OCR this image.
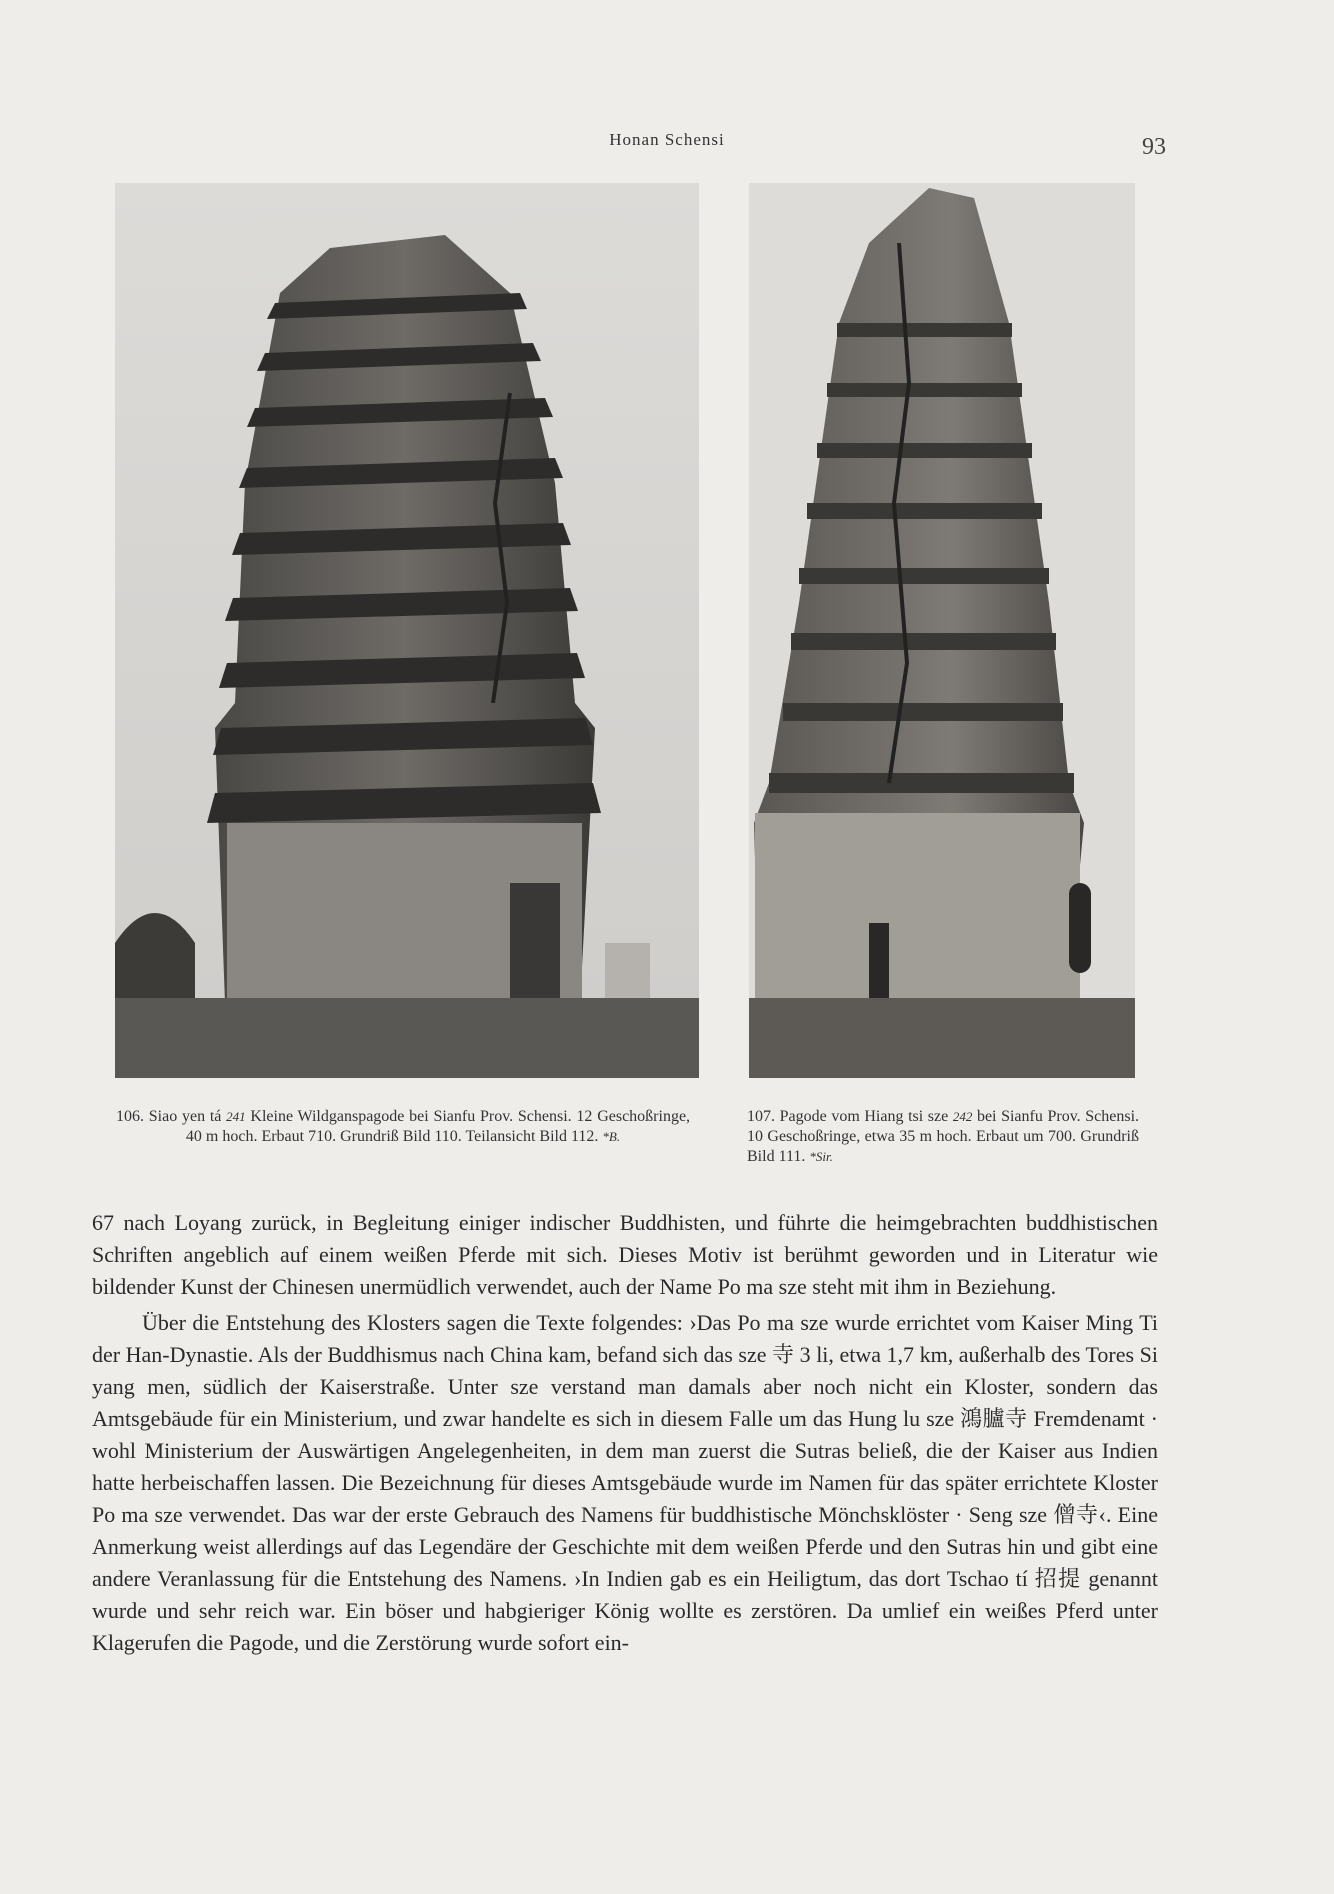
Honan Schensi	93
106. Siao yen tá 241 Kleine Wildganspagode bei Sianfu Prov. Schensi. 12 Geschoßringe, 40 m hoch. Erbaut 710. Grundriß Bild 110. Teilansicht Bild 112. *B.
107. Pagode vom Hiang tsi sze 242 bei Sianfu Prov. Schensi. 10 Geschoßringe, etwa 35 m hoch. Erbaut um 700. Grundriß Bild 111. *Sir.

67 nach Loyang zurück, in Begleitung einiger indischer Buddhisten, und führte die heimgebrachten buddhistischen Schriften angeblich auf einem weißen Pferde mit sich. Dieses Motiv ist berühmt geworden und in Literatur wie bildender Kunst der Chinesen unermüdlich verwendet, auch der Name Po ma sze steht mit ihm in Beziehung.

Über die Entstehung des Klosters sagen die Texte folgendes: ›Das Po ma sze wurde errichtet vom Kaiser Ming Ti der Han-Dynastie. Als der Buddhismus nach China kam, befand sich das sze 寺 3 li, etwa 1,7 km, außerhalb des Tores Si yang men, südlich der Kaiserstraße. Unter sze verstand man damals aber noch nicht ein Kloster, sondern das Amtsgebäude für ein Ministerium, und zwar handelte es sich in diesem Falle um das Hung lu sze 鴻臚寺 Fremdenamt · wohl Ministerium der Auswärtigen Angelegenheiten, in dem man zuerst die Sutras beließ, die der Kaiser aus Indien hatte herbeischaffen lassen. Die Bezeichnung für dieses Amtsgebäude wurde im Namen für das später errichtete Kloster Po ma sze verwendet. Das war der erste Gebrauch des Namens für buddhistische Mönchsklöster · Seng sze 僧寺‹. Eine Anmerkung weist allerdings auf das Legendäre der Geschichte mit dem weißen Pferde und den Sutras hin und gibt eine andere Veranlassung für die Entstehung des Namens. ›In Indien gab es ein Heiligtum, das dort Tschao tí 招提 genannt wurde und sehr reich war. Ein böser und habgieriger König wollte es zerstören. Da umlief ein weißes Pferd unter Klagerufen die Pagode, und die Zerstörung wurde sofort ein-
